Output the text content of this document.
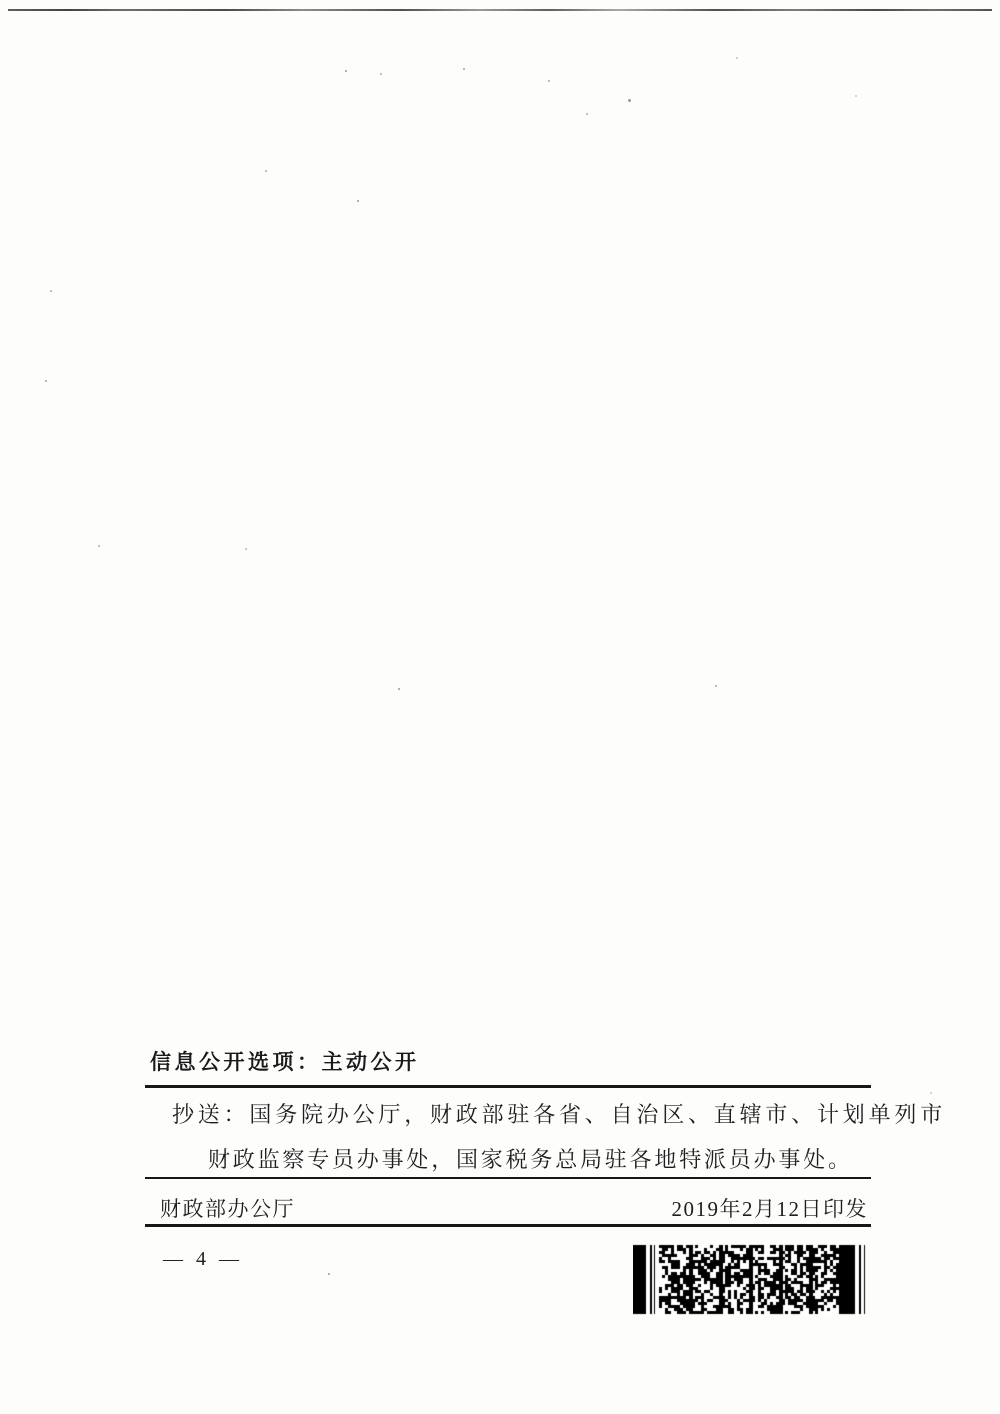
信息公开选项：主动公开
抄送：国务院办公厅，财政部驻各省、自治区、直辖市、计划单列市
财政监察专员办事处，国家税务总局驻各地特派员办事处。
财政部办公厅	2019年2月12日印发
— 4 —
